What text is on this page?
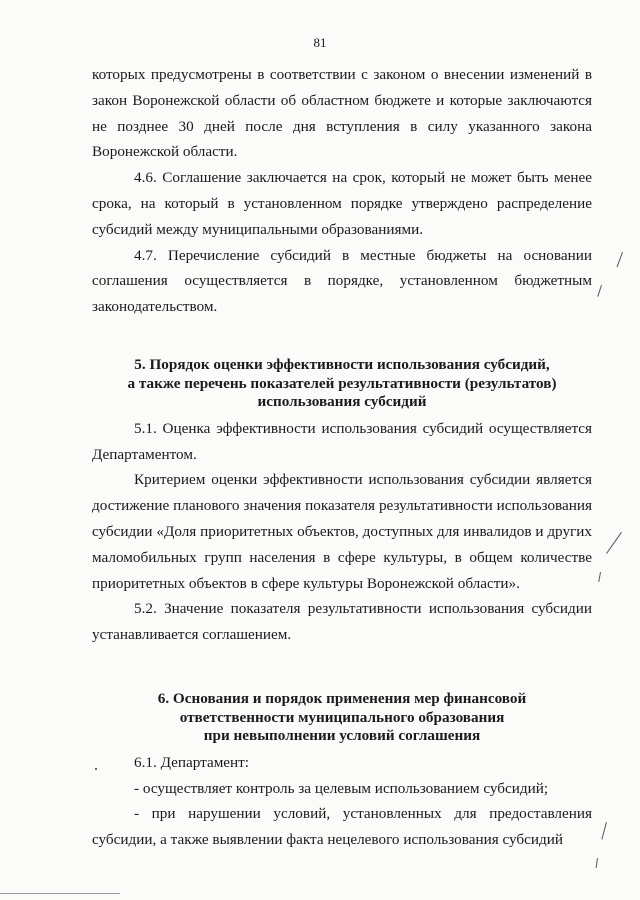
81

которых предусмотрены в соответствии с законом о внесении изменений в закон Воронежской области об областном бюджете и которые заключаются не позднее 30 дней после дня вступления в силу указанного закона Воронежской области.

4.6. Соглашение заключается на срок, который не может быть менее срока, на который в установленном порядке утверждено распределение субсидий между муниципальными образованиями.

4.7. Перечисление субсидий в местные бюджеты на основании соглашения осуществляется в порядке, установленном бюджетным законодательством.

5. Порядок оценки эффективности использования субсидий,
а также перечень показателей результативности (результатов)
использования субсидий

5.1. Оценка эффективности использования субсидий осуществляется Департаментом.

Критерием оценки эффективности использования субсидии является достижение планового значения показателя результативности использования субсидии «Доля приоритетных объектов, доступных для инвалидов и других маломобильных групп населения в сфере культуры, в общем количестве приоритетных объектов в сфере культуры Воронежской области».

5.2. Значение показателя результативности использования субсидии устанавливается соглашением.

6. Основания и порядок применения мер финансовой
ответственности муниципального образования
при невыполнении условий соглашения

6.1. Департамент:

- осуществляет контроль за целевым использованием субсидий;

- при нарушении условий, установленных для предоставления субсидии, а также выявлении факта нецелевого использования субсидий
